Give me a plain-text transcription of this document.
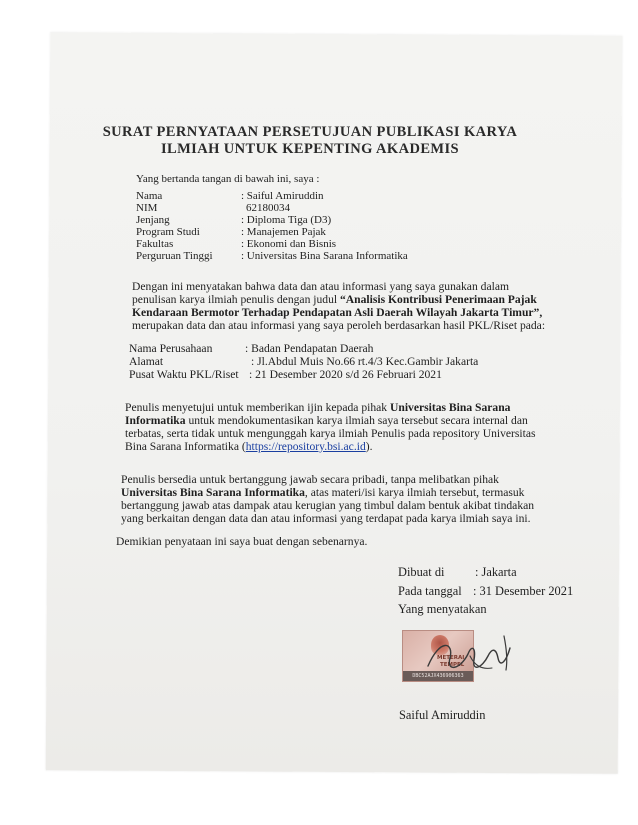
SURAT PERNYATAAN PERSETUJUAN PUBLIKASI KARYA
ILMIAH UNTUK KEPENTING AKADEMIS
Yang bertanda tangan di bawah ini, saya :
Nama	: Saiful Amiruddin
NIM	62180034
Jenjang	: Diploma Tiga (D3)
Program Studi	: Manajemen Pajak
Fakultas	: Ekonomi dan Bisnis
Perguruan Tinggi	: Universitas Bina Sarana Informatika
Dengan ini menyatakan bahwa data dan atau informasi yang saya gunakan dalam
penulisan karya ilmiah penulis dengan judul “Analisis Kontribusi Penerimaan Pajak
Kendaraan Bermotor Terhadap Pendapatan Asli Daerah Wilayah Jakarta Timur”,
merupakan data dan atau informasi yang saya peroleh berdasarkan hasil PKL/Riset pada:
Nama Perusahaan	: Badan Pendapatan Daerah
Alamat	: Jl.Abdul Muis No.66 rt.4/3 Kec.Gambir Jakarta
Pusat Waktu PKL/Riset : 21 Desember 2020 s/d 26 Februari 2021
Penulis menyetujui untuk memberikan ijin kepada pihak Universitas Bina Sarana
Informatika untuk mendokumentasikan karya ilmiah saya tersebut secara internal dan
terbatas, serta tidak untuk mengunggah karya ilmiah Penulis pada repository Universitas
Bina Sarana Informatika (https://repository.bsi.ac.id).
Penulis bersedia untuk bertanggung jawab secara pribadi, tanpa melibatkan pihak
Universitas Bina Sarana Informatika, atas materi/isi karya ilmiah tersebut, termasuk
bertanggung jawab atas dampak atau kerugian yang timbul dalam bentuk akibat tindakan
yang berkaitan dengan data dan atau informasi yang terdapat pada karya ilmiah saya ini.
Demikian penyataan ini saya buat dengan sebenarnya.
Dibuat di : Jakarta
Pada tanggal : 31 Desember 2021
Yang menyatakan
METERAI
TEMPEL
DBC52AJX436906363
Saiful Amiruddin
